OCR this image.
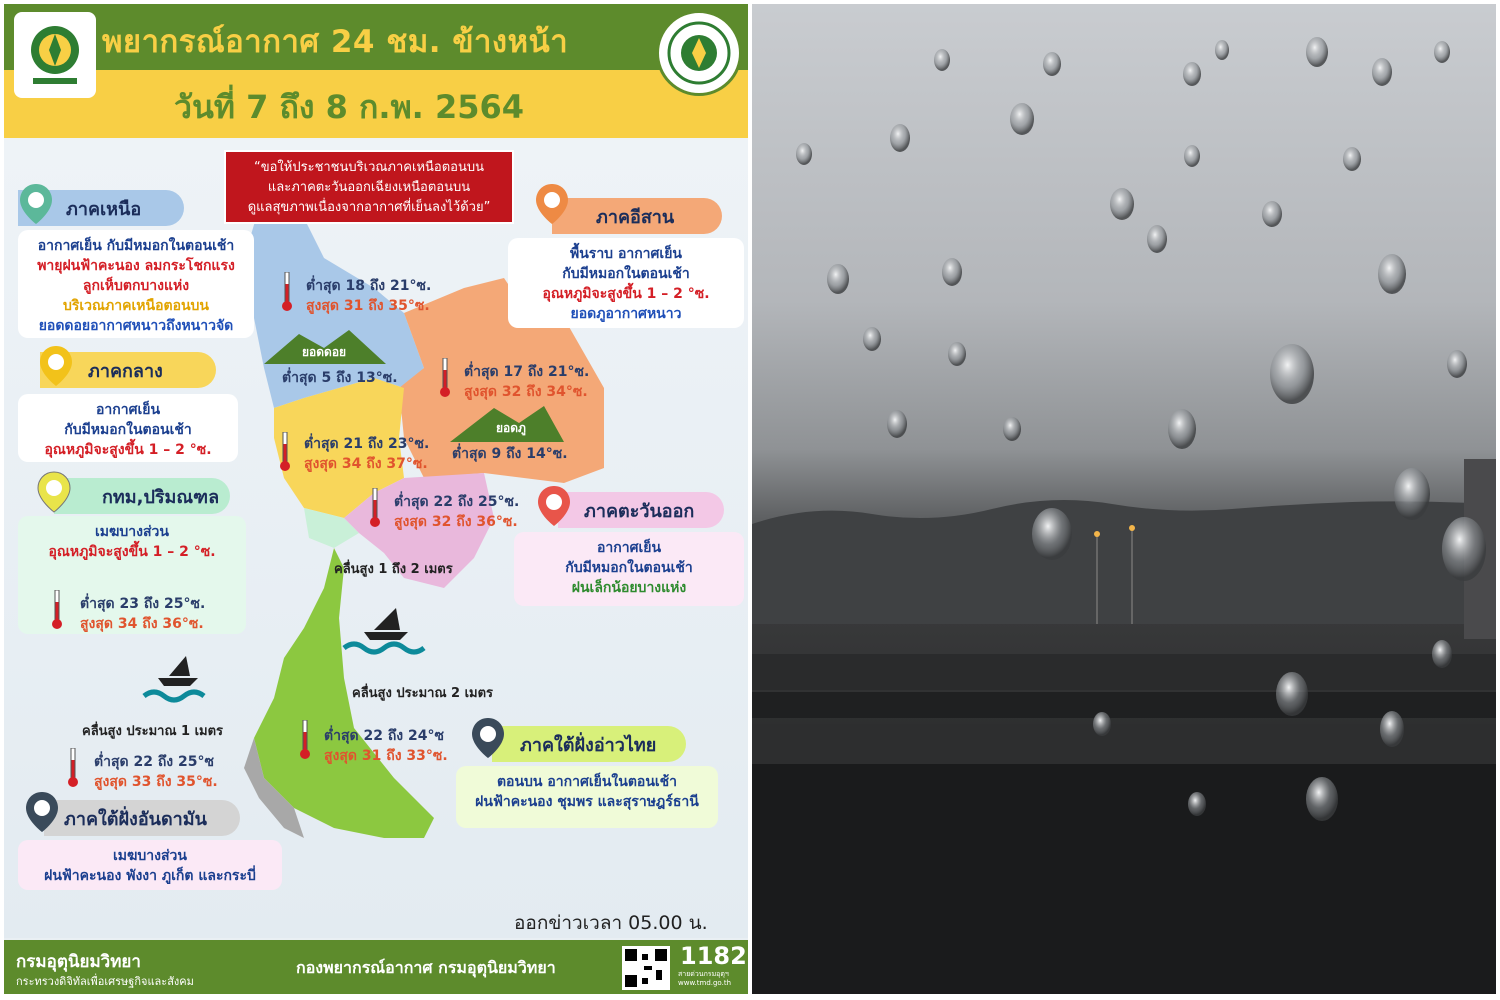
พยากรณ์อากาศ 24 ชม. ข้างหน้า
วันที่ 7 ถึง 8 ก.พ. 2564
“ขอให้ประชาชนบริเวณภาคเหนือตอนบน
และภาคตะวันออกเฉียงเหนือตอนบน
ดูแลสุขภาพเนื่องจากอากาศที่เย็นลงไว้ด้วย”
ภาคเหนือ
อากาศเย็น กับมีหมอกในตอนเช้า
พายุฝนฟ้าคะนอง ลมกระโชกแรง
ลูกเห็บตกบางแห่ง
บริเวณภาคเหนือตอนบน
ยอดดอยอากาศหนาวถึงหนาวจัด
ต่ำสุด 18 ถึง 21°ซ.
สูงสุด 31 ถึง 35°ซ.
ยอดดอย
ต่ำสุด 5 ถึง 13°ซ.
ภาคอีสาน
พื้นราบ อากาศเย็น
กับมีหมอกในตอนเช้า
อุณหภูมิจะสูงขึ้น 1 – 2 °ซ.
ยอดภูอากาศหนาว
ต่ำสุด 17 ถึง 21°ซ.
สูงสุด 32 ถึง 34°ซ.
ยอดภู
ต่ำสุด 9 ถึง 14°ซ.
ภาคกลาง
อากาศเย็น
กับมีหมอกในตอนเช้า
อุณหภูมิจะสูงขึ้น 1 – 2 °ซ.	ต่ำสุด 21 ถึง 23°ซ.
สูงสุด 34 ถึง 37°ซ.
กทม,ปริมณฑล
เมฆบางส่วน
อุณหภูมิจะสูงขึ้น 1 – 2 °ซ.
ต่ำสุด 23 ถึง 25°ซ.
สูงสุด 34 ถึง 36°ซ.
ภาคตะวันออก
อากาศเย็น
กับมีหมอกในตอนเช้า
ฝนเล็กน้อยบางแห่ง
ต่ำสุด 22 ถึง 25°ซ.
สูงสุด 32 ถึง 36°ซ.
คลื่นสูง 1 ถึง 2 เมตร
คลื่นสูง ประมาณ 2 เมตร
คลื่นสูง ประมาณ 1 เมตร
ภาคใต้ฝั่งอ่าวไทย
ตอนบน อากาศเย็นในตอนเช้า
ฝนฟ้าคะนอง ชุมพร และสุราษฎร์ธานี
ต่ำสุด 22 ถึง 24°ซ
สูงสุด 31 ถึง 33°ซ.
ภาคใต้ฝั่งอันดามัน
เมฆบางส่วน
ฝนฟ้าคะนอง พังงา ภูเก็ต และกระบี่
ต่ำสุด 22 ถึง 25°ซ
สูงสุด 33 ถึง 35°ซ.
ออกข่าวเวลา 05.00 น.
กรมอุตุนิยมวิทยา
กระทรวงดิจิทัลเพื่อเศรษฐกิจและสังคม
กองพยากรณ์อากาศ กรมอุตุนิยมวิทยา	1182
สายด่วนกรมอุตุฯ
www.tmd.go.th
